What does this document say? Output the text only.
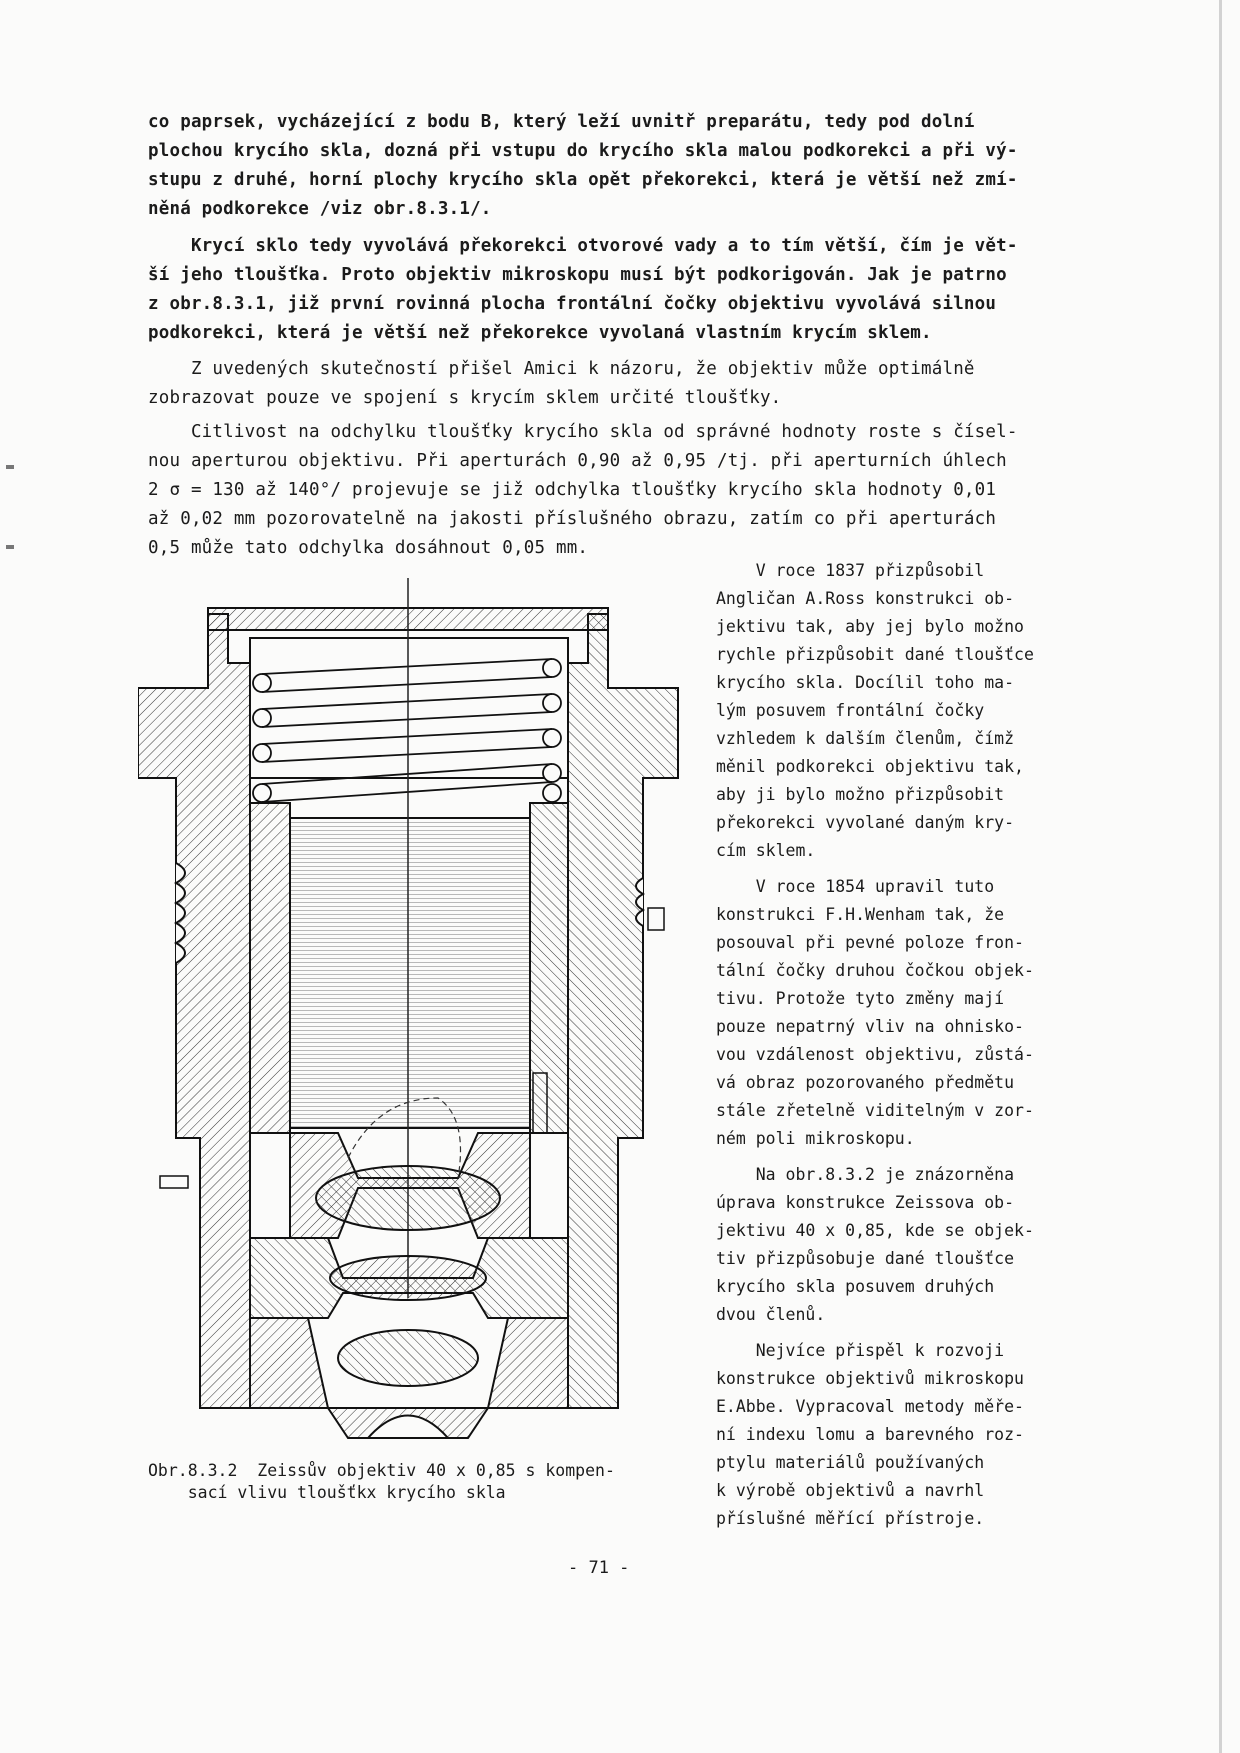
co paprsek, vycházející z bodu B, který leží uvnitř preparátu, tedy pod dolní
plochou krycího skla, dozná při vstupu do krycího skla malou podkorekci a při vý-
stupu z druhé, horní plochy krycího skla opět překorekci, která je větší než zmí-
něná podkorekce /viz obr.8.3.1/.
Krycí sklo tedy vyvolává překorekci otvorové vady a to tím větší, čím je vět-
ší jeho tloušťka. Proto objektiv mikroskopu musí být podkorigován. Jak je patrno
z obr.8.3.1, již první rovinná plocha frontální čočky objektivu vyvolává silnou
podkorekci, která je větší než překorekce vyvolaná vlastním krycím sklem.
Z uvedených skutečností přišel Amici k názoru, že objektiv může optimálně
zobrazovat pouze ve spojení s krycím sklem určité tloušťky.
Citlivost na odchylku tloušťky krycího skla od správné hodnoty roste s čísel-
nou aperturou objektivu. Při aperturách 0,90 až 0,95 /tj. při aperturních úhlech
2 σ = 130 až 140°/ projevuje se již odchylka tloušťky krycího skla hodnoty 0,01
až 0,02 mm pozorovatelně na jakosti příslušného obrazu, zatím co při aperturách
0,5 může tato odchylka dosáhnout 0,05 mm.
V roce 1837 přizpůsobil
Angličan A.Ross konstrukci ob-
jektivu tak, aby jej bylo možno
rychle přizpůsobit dané tloušťce
krycího skla. Docílil toho ma-
lým posuvem frontální čočky
vzhledem k dalším členům, čímž
měnil podkorekci objektivu tak,
aby ji bylo možno přizpůsobit
překorekci vyvolané daným kry-
cím sklem.
V roce 1854 upravil tuto
konstrukci F.H.Wenham tak, že
posouval při pevné poloze fron-
tální čočky druhou čočkou objek-
tivu. Protože tyto změny mají
pouze nepatrný vliv na ohnisko-
vou vzdálenost objektivu, zůstá-
vá obraz pozorovaného předmětu
stále zřetelně viditelným v zor-
ném poli mikroskopu.
Na obr.8.3.2 je znázorněna
úprava konstrukce Zeissova ob-
jektivu 40 x 0,85, kde se objek-
tiv přizpůsobuje dané tloušťce
krycího skla posuvem druhých
dvou členů.
Nejvíce přispěl k rozvoji
konstrukce objektivů mikroskopu
E.Abbe. Vypracoval metody měře-
ní indexu lomu a barevného roz-
ptylu materiálů používaných
k výrobě objektivů a navrhl
příslušné měřící přístroje.
Obr.8.3.2  Zeissův objektiv 40 x 0,85 s kompen-
sací vlivu tloušťkx krycího skla
- 71 -
